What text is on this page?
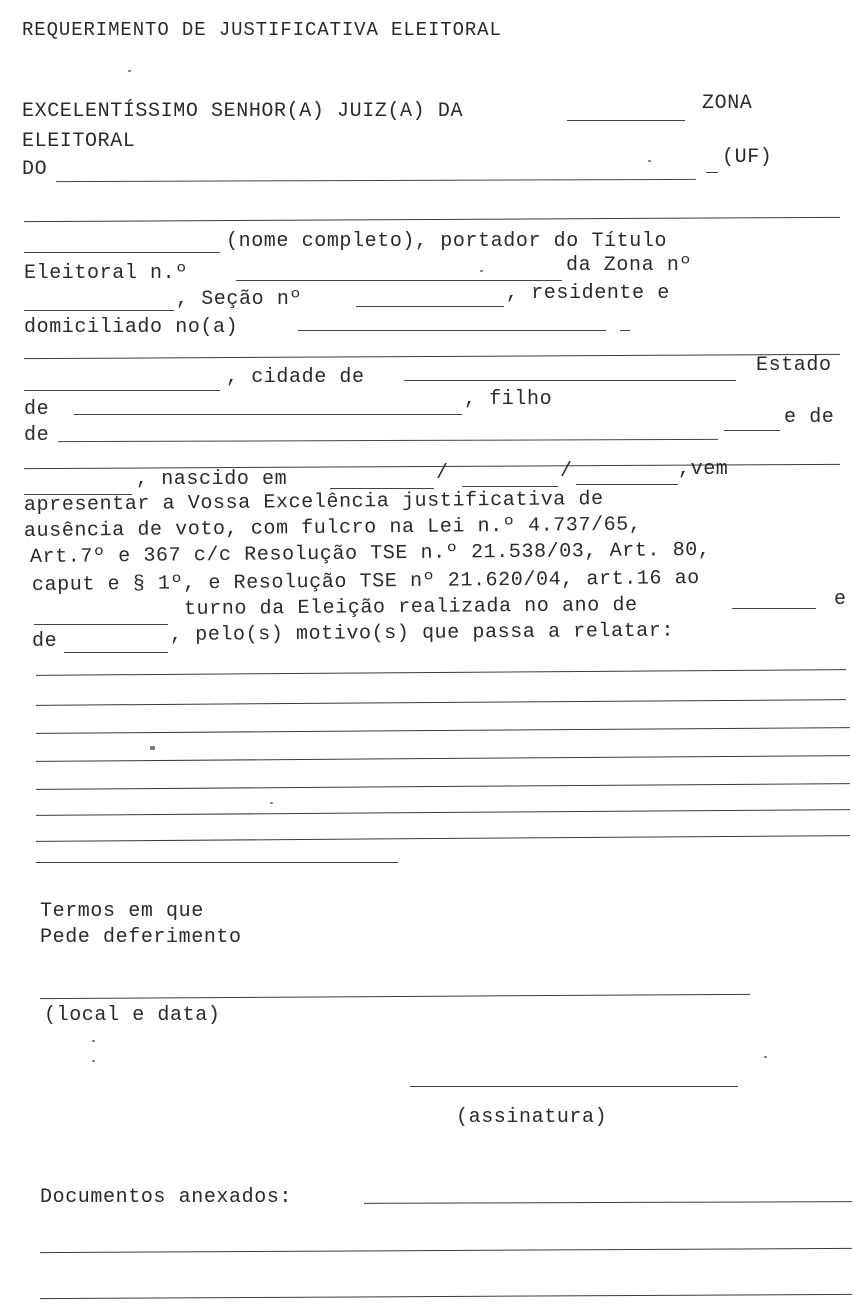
REQUERIMENTO DE JUSTIFICATIVA ELEITORAL
EXCELENTÍSSIMO SENHOR(A) JUIZ(A) DA	ZONA
ELEITORAL
DO
(UF)
(nome completo), portador do Título
Eleitoral n.º	da Zona nº
, Seção nº	, residente e
domiciliado no(a)
, cidade de
Estado
de	, filho
de
e de
, nascido em	/	/	,vem
apresentar a Vossa Excelência justificativa de
ausência de voto, com fulcro na Lei n.º 4.737/65,
Art.7º e 367 c/c Resolução TSE n.º 21.538/03, Art. 80,
caput e § 1º, e Resolução TSE nº 21.620/04, art.16 ao
turno da Eleição realizada no ano de	e
de	, pelo(s) motivo(s) que passa a relatar:
Termos em que
Pede deferimento
(local e data)
(assinatura)
Documentos anexados:
